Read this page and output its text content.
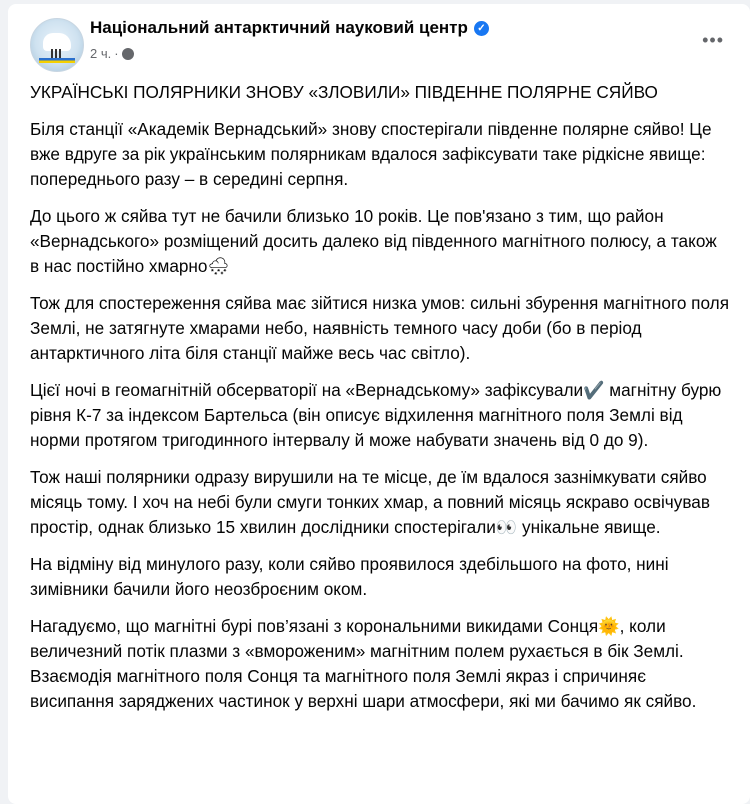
Національний антарктичний науковий центр ✓
2 ч. ·
•••

УКРАЇНСЬКІ ПОЛЯРНИКИ ЗНОВУ «ЗЛОВИЛИ» ПІВДЕННЕ ПОЛЯРНЕ СЯЙВО

Біля станції «Академік Вернадський» знову спостерігали південне полярне сяйво! Це вже вдруге за рік українським полярникам вдалося зафіксувати таке рідкісне явище: попереднього разу – в середині серпня.

До цього ж сяйва тут не бачили близько 10 років. Це пов'язано з тим, що район «Вернадського» розміщений досить далеко від південного магнітного полюсу, а також в нас постійно хмарно🌨

Тож для спостереження сяйва має зійтися низка умов: сильні збурення магнітного поля Землі, не затягнуте хмарами небо, наявність темного часу доби (бо в період антарктичного літа біля станції майже весь час світло).

Цієї ночі в геомагнітній обсерваторії на «Вернадському» зафіксували✔️ магнітну бурю рівня К-7 за індексом Бартельса (він описує відхилення магнітного поля Землі від норми протягом тригодинного інтервалу й може набувати значень від 0 до 9).

Тож наші полярники одразу вирушили на те місце, де їм вдалося зазнімкувати сяйво місяць тому. І хоч на небі були смуги тонких хмар, а повний місяць яскраво освічував простір, однак близько 15 хвилин дослідники спостерігали👀 унікальне явище.

На відміну від минулого разу, коли сяйво проявилося здебільшого на фото, нині зимівники бачили його неозброєним оком.

Нагадуємо, що магнітні бурі пов’язані з корональними викидами Сонця🌞, коли величезний потік плазми з «вмороженим» магнітним полем рухається в бік Землі. Взаємодія магнітного поля Сонця та магнітного поля Землі якраз і спричиняє висипання заряджених частинок у верхні шари атмосфери, які ми бачимо як сяйво.
